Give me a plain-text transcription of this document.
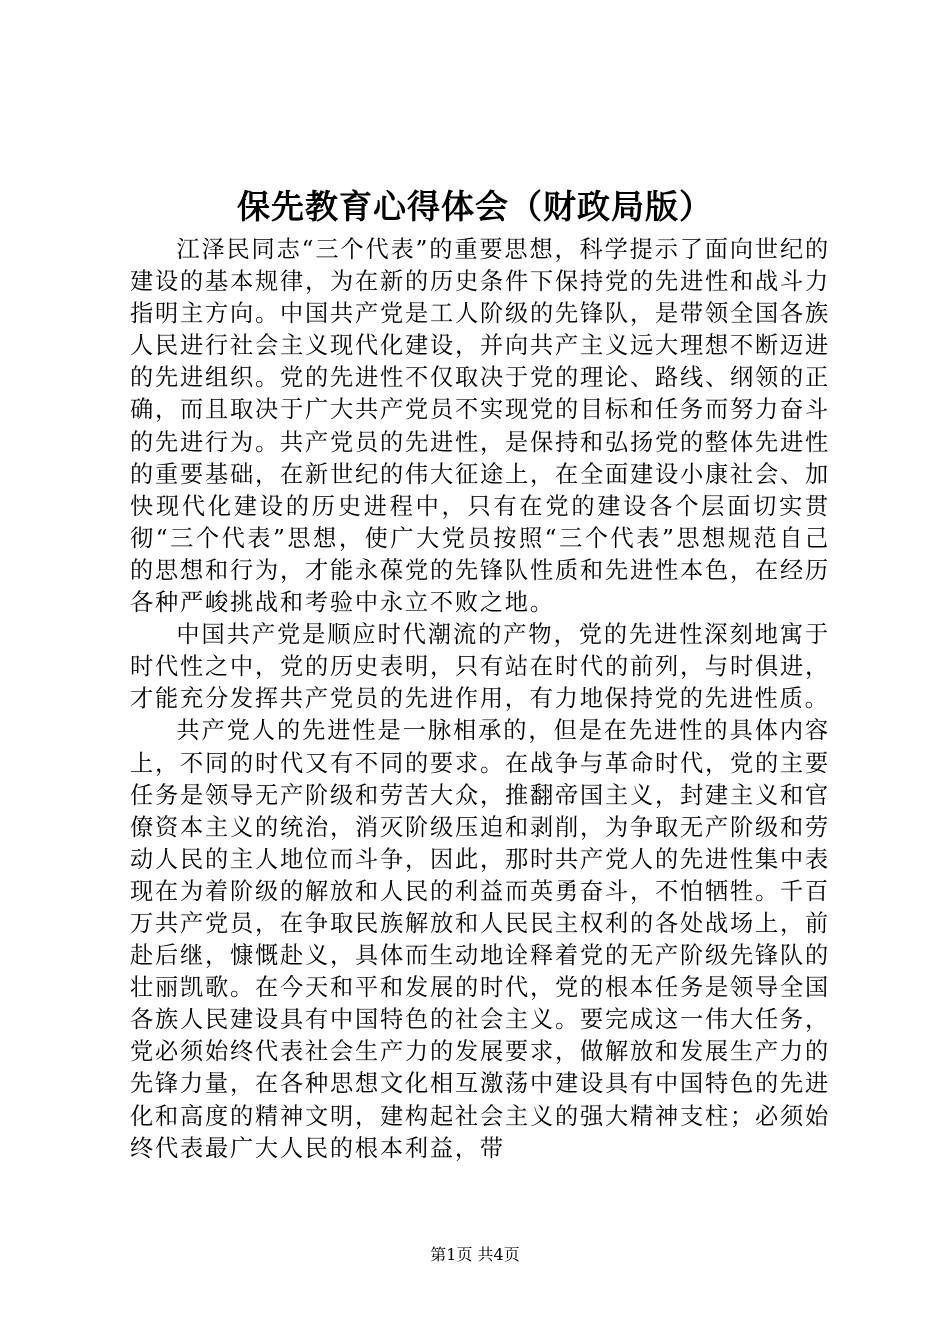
保先教育心得体会（财政局版）

江泽民同志“三个代表”的重要思想，科学提示了面向世纪的建设的基本规律，为在新的历史条件下保持党的先进性和战斗力指明主方向。中国共产党是工人阶级的先锋队，是带领全国各族人民进行社会主义现代化建设，并向共产主义远大理想不断迈进的先进组织。党的先进性不仅取决于党的理论、路线、纲领的正确，而且取决于广大共产党员不实现党的目标和任务而努力奋斗的先进行为。共产党员的先进性，是保持和弘扬党的整体先进性的重要基础，在新世纪的伟大征途上，在全面建设小康社会、加快现代化建设的历史进程中，只有在党的建设各个层面切实贯彻“三个代表”思想，使广大党员按照“三个代表”思想规范自己的思想和行为，才能永葆党的先锋队性质和先进性本色，在经历各种严峻挑战和考验中永立不败之地。

中国共产党是顺应时代潮流的产物，党的先进性深刻地寓于时代性之中，党的历史表明，只有站在时代的前列，与时俱进，才能充分发挥共产党员的先进作用，有力地保持党的先进性质。

共产党人的先进性是一脉相承的，但是在先进性的具体内容上，不同的时代又有不同的要求。在战争与革命时代，党的主要任务是领导无产阶级和劳苦大众，推翻帝国主义，封建主义和官僚资本主义的统治，消灭阶级压迫和剥削，为争取无产阶级和劳动人民的主人地位而斗争，因此，那时共产党人的先进性集中表现在为着阶级的解放和人民的利益而英勇奋斗，不怕牺牲。千百万共产党员，在争取民族解放和人民民主权利的各处战场上，前赴后继，慷慨赴义，具体而生动地诠释着党的无产阶级先锋队的壮丽凯歌。在今天和平和发展的时代，党的根本任务是领导全国各族人民建设具有中国特色的社会主义。要完成这一伟大任务，党必须始终代表社会生产力的发展要求，做解放和发展生产力的先锋力量，在各种思想文化相互激荡中建设具有中国特色的先进化和高度的精神文明，建构起社会主义的强大精神支柱；必须始终代表最广大人民的根本利益，带

第1页 共4页
